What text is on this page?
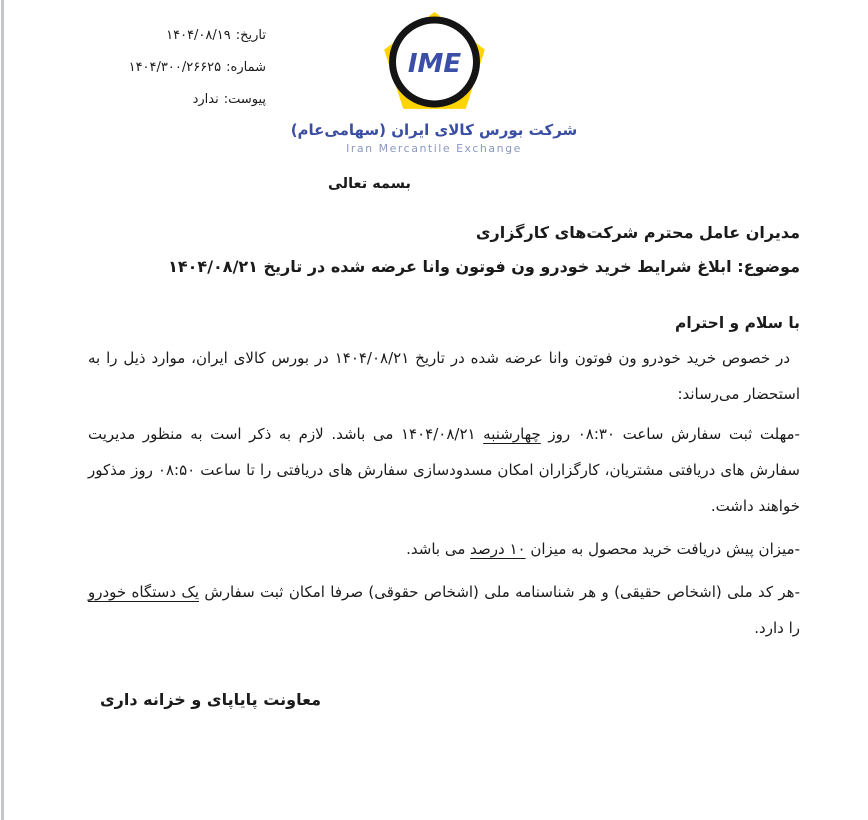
تاریخ:۱۴۰۴/۰۸/۱۹
شماره:۱۴۰۴/۳۰۰/۲۶۶۲۵
پیوست:ندارد
IME
شرکت بورس کالای ایران (سهامی‌عام)
Iran Mercantile Exchange
بسمه تعالی
مدیران عامل محترم شرکت‌های کارگزاری
موضوع: ابلاغ شرایط خرید خودرو ون فوتون وانا عرضه شده در تاریخ ۱۴۰۴/۰۸/۲۱
با سلام و احترام
در خصوص خرید خودرو ون فوتون وانا عرضه شده در تاریخ ۱۴۰۴/۰۸/۲۱ در بورس کالای ایران، موارد ذیل را به استحضار می‌رساند:
-مهلت ثبت سفارش ساعت ۰۸:۳۰ روز چهارشنبه ۱۴۰۴/۰۸/۲۱ می باشد. لازم به ذکر است به منظور مدیریت سفارش های دریافتی مشتریان، کارگزاران امکان مسدودسازی سفارش های دریافتی را تا ساعت ۰۸:۵۰ روز مذکور خواهند داشت.
-میزان پیش دریافت خرید محصول به میزان ۱۰ درصد می باشد.
-هر کد ملی (اشخاص حقیقی) و هر شناسنامه ملی (اشخاص حقوقی) صرفا امکان ثبت سفارش یک دستگاه خودرو را دارد.
معاونت پایاپای و خزانه داری
